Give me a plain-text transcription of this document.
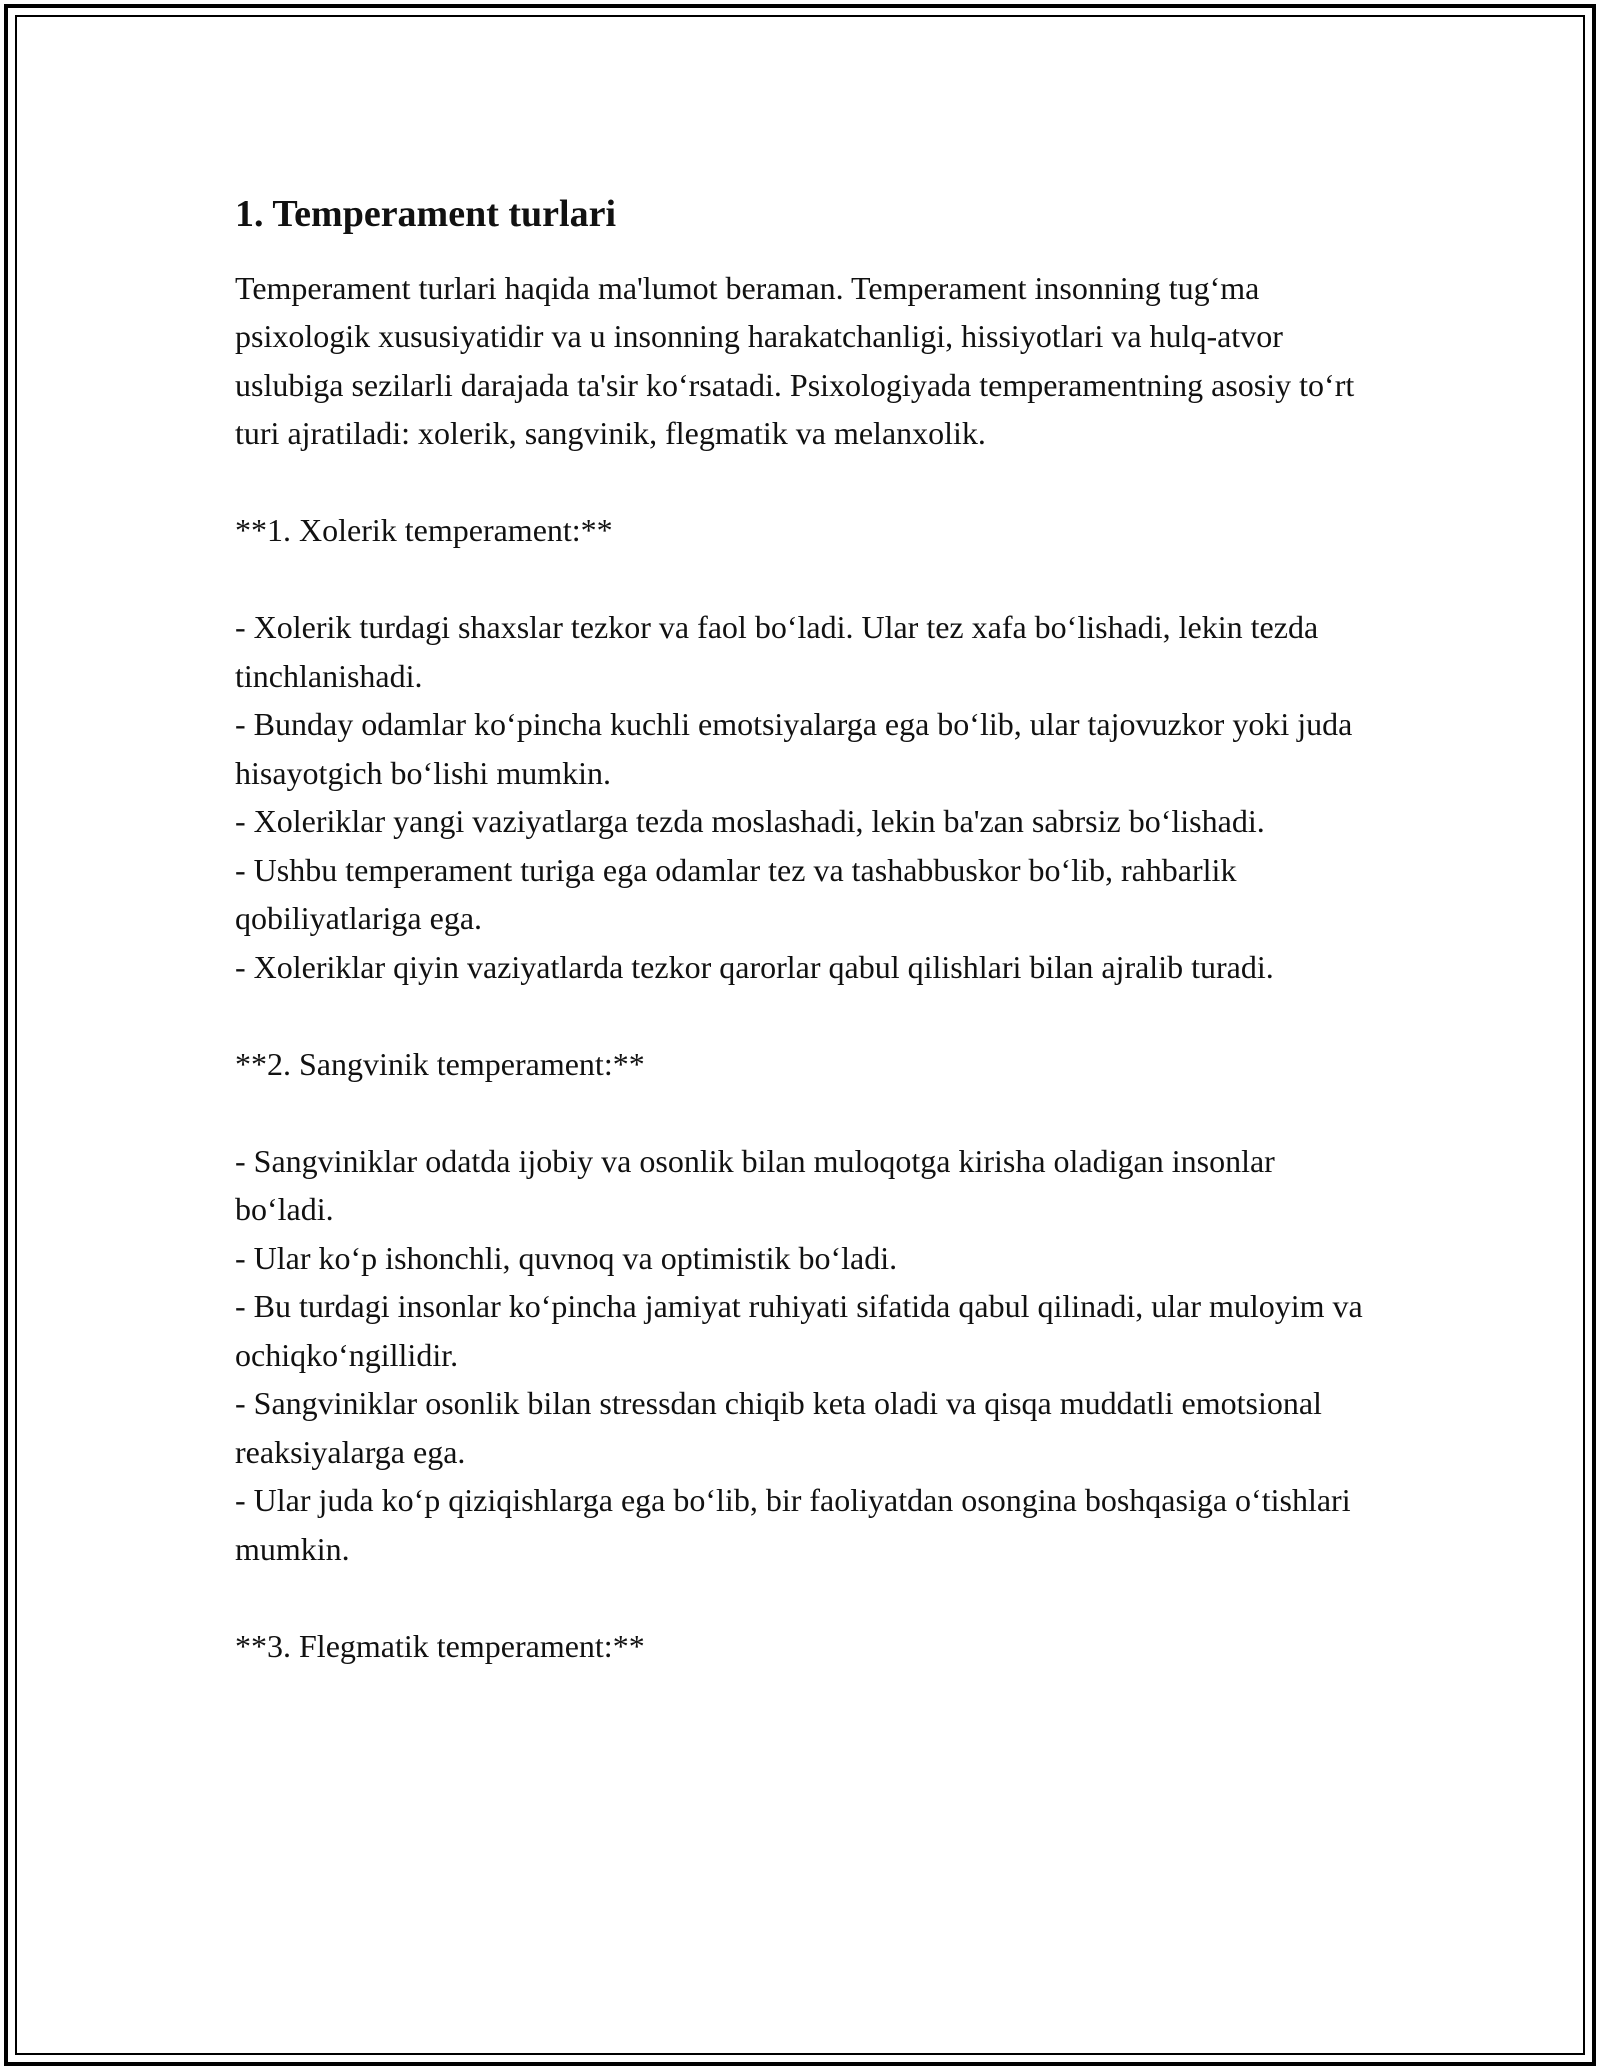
1. Temperament turlari

Temperament turlari haqida ma'lumot beraman. Temperament insonning tug‘ma psixologik xususiyatidir va u insonning harakatchanligi, hissiyotlari va hulq-atvor uslubiga sezilarli darajada ta'sir ko‘rsatadi. Psixologiyada temperamentning asosiy to‘rt turi ajratiladi: xolerik, sangvinik, flegmatik va melanxolik.

**1. Xolerik temperament:**
- Xolerik turdagi shaxslar tezkor va faol bo‘ladi. Ular tez xafa bo‘lishadi, lekin tezda tinchlanishadi.
- Bunday odamlar ko‘pincha kuchli emotsiyalarga ega bo‘lib, ular tajovuzkor yoki juda hisayotgich bo‘lishi mumkin.
- Xoleriklar yangi vaziyatlarga tezda moslashadi, lekin ba'zan sabrsiz bo‘lishadi.
- Ushbu temperament turiga ega odamlar tez va tashabbuskor bo‘lib, rahbarlik qobiliyatlariga ega.
- Xoleriklar qiyin vaziyatlarda tezkor qarorlar qabul qilishlari bilan ajralib turadi.
**2. Sangvinik temperament:**
- Sangviniklar odatda ijobiy va osonlik bilan muloqotga kirisha oladigan insonlar bo‘ladi.
- Ular ko‘p ishonchli, quvnoq va optimistik bo‘ladi.
- Bu turdagi insonlar ko‘pincha jamiyat ruhiyati sifatida qabul qilinadi, ular muloyim va ochiqko‘ngillidir.
- Sangviniklar osonlik bilan stressdan chiqib keta oladi va qisqa muddatli emotsional reaksiyalarga ega.
- Ular juda ko‘p qiziqishlarga ega bo‘lib, bir faoliyatdan osongina boshqasiga o‘tishlari mumkin.
**3. Flegmatik temperament:**
